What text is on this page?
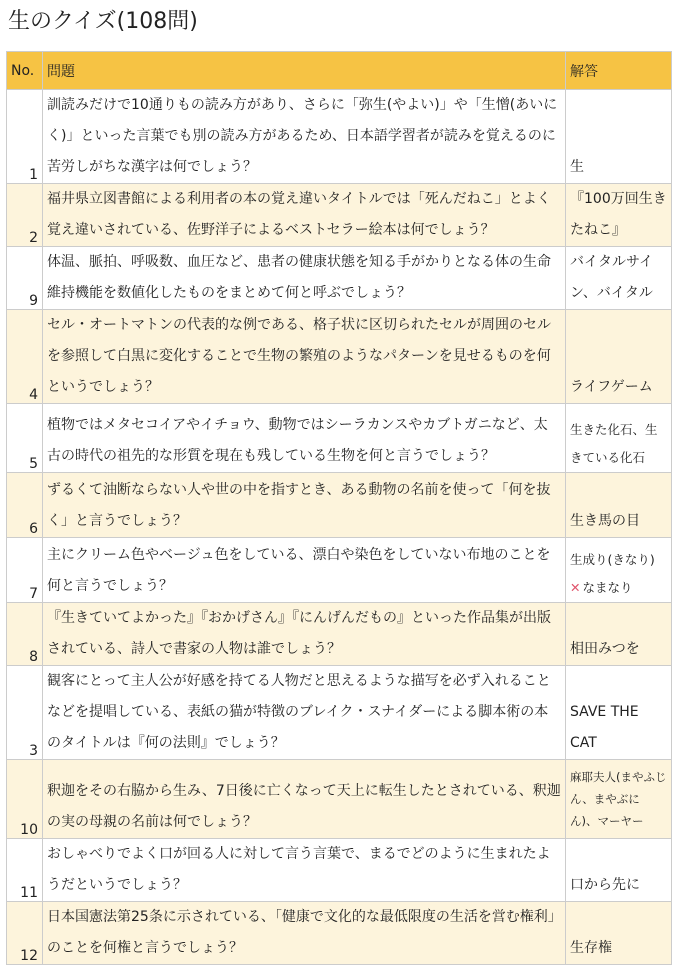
生のクイズ(108問)
No.	問題	解答
1	訓読みだけで10通りもの読み方があり、さらに「弥生(やよい)」や「生憎(あいにく)」といった言葉でも別の読み方があるため、日本語学習者が読みを覚えるのに苦労しがちな漢字は何でしょう？	生
2	福井県立図書館による利用者の本の覚え違いタイトルでは「死んだねこ」とよく覚え違いされている、佐野洋子によるベストセラー絵本は何でしょう？	『100万回生きたねこ』
9	体温、脈拍、呼吸数、血圧など、患者の健康状態を知る手がかりとなる体の生命維持機能を数値化したものをまとめて何と呼ぶでしょう？	バイタルサイン、バイタル
4	セル・オートマトンの代表的な例である、格子状に区切られたセルが周囲のセルを参照して白黒に変化することで生物の繁殖のようなパターンを見せるものを何というでしょう？	ライフゲーム
5	植物ではメタセコイアやイチョウ、動物ではシーラカンスやカブトガニなど、太古の時代の祖先的な形質を現在も残している生物を何と言うでしょう？	生きた化石、生きている化石
6	ずるくて油断ならない人や世の中を指すとき、ある動物の名前を使って「何を抜く」と言うでしょう？	生き馬の目
7	主にクリーム色やベージュ色をしている、漂白や染色をしていない布地のことを何と言うでしょう？	生成り(きなり)
✕ なまなり

8	『生きていてよかった』『おかげさん』『にんげんだもの』といった作品集が出版されている、詩人で書家の人物は誰でしょう？	相田みつを
3	観客にとって主人公が好感を持てる人物だと思えるような描写を必ず入れることなどを提唱している、表紙の猫が特徴のブレイク・スナイダーによる脚本術の本のタイトルは『何の法則』でしょう？	SAVE THE CAT
10	釈迦をその右脇から生み、7日後に亡くなって天上に転生したとされている、釈迦の実の母親の名前は何でしょう？	麻耶夫人(まやふじん、まやぶにん)、マーヤー
11	おしゃべりでよく口が回る人に対して言う言葉で、まるでどのように生まれたようだというでしょう？	口から先に
12	日本国憲法第25条に示されている、「健康で文化的な最低限度の生活を営む権利」のことを何権と言うでしょう？	生存権
